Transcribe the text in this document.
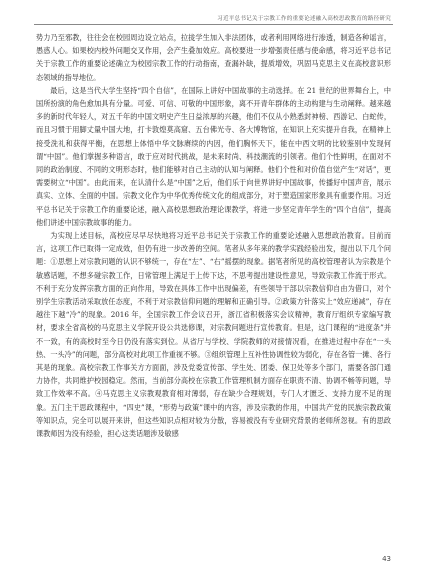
习近平总书记关于宗教工作的重要论述融入高校思政教育的路径研究

势力乃至邪教，往往会在校园周边设立站点，拉拢学生加入非法团体，或者利用网络进行渗透，制造各种谣言，愚惑人心。如果校内校外问题交叉作用，会产生叠加效应。高校要进一步增强责任感与使命感，将习近平总书记关于宗教工作的重要论述确立为校园宗教工作的行动指南，查漏补缺，提质增效，巩固马克思主义在高校意识形态领域的指导地位。

最后，这是当代大学生坚持“四个自信”，在国际上讲好中国故事的主动选择。在 21 世纪的世界舞台上，中国所扮演的角色愈加具有分量。可爱、可信、可敬的中国形象，离不开青年群体的主动构建与生动阐释。越来越多的新时代年轻人，对五千年的中国文明史产生日益浓厚的兴趣，他们不仅从小熟悉封神榜、西游记、白蛇传，而且习惯于用脚丈量中国大地，打卡敦煌莫高窟、五台佛光寺、各大博物馆，在知识上充实提升自我，在精神上接受洗礼和获得平衡，在思想上体悟中华文脉赓续的内因，他们胸怀天下，能在中西文明的比较鉴别中发现何谓“中国”。他们掌握多种语言，敢于应对时代挑战，是未来时尚、科技潮流的引领者。他们个性鲜明，在面对不同的政治制度、不同的文明形态时，他们能够对自己主动的认知与阐释。他们个性和对价值自觉产生“对话”，更需要树立“中国”。由此而来，在认清什么是“中国”之后，他们乐于向世界讲好中国故事，传播好中国声音，展示真实、立体、全面的中国。宗教文化作为中华优秀传统文化的组成部分，对于塑造国家形象具有重要作用。习近平总书记关于宗教工作的重要论述，融入高校思想政治理论课教学，将进一步坚定青年学生的“四个自信”，提高他们讲述中国宗教故事的能力。

为实现上述目标，高校应尽早尽快地将习近平总书记关于宗教工作的重要论述融入思想政治教育。目前而言，这项工作已取得一定成效，但仍有进一步改善的空间。笔者从多年来的教学实践经验出发，提出以下几个问题：①思想上对宗教问题的认识不够统一，存在“左”、“右”摇摆的现象。据笔者所见的高校管理者认为宗教是个敏感话题，不想多碰宗教工作，日常管理上满足于上传下达，不思考提出建设性意见，导致宗教工作流于形式。不利于充分发挥宗教方面的正向作用，导致在具体工作中出现偏差，有些领导干部以宗教信仰自由为借口，对个别学生宗教活动采取放任态度，不利于对宗教信仰问题的理解和正确引导。②政策方针落实上“效应递减”，存在越往下越“冷”的现象。2016 年，全国宗教工作会议召开，浙江省积极落实会议精神，教育厅组织专家编写教材，要求全省高校的马克思主义学院开设公共选修课，对宗教问题进行宣传教育。但是，这门课程的“进度条”并不一致，有的高校时至今日仍没有落实到位。从省厅与学校、学院教师的对接情况看，在推进过程中存在“一头热、一头冷”的问题，部分高校对此项工作重视不够。③组织管理上互补性协调性较为弱化，存在各管一摊、各行其是的现象。高校宗教工作事关方方面面，涉及党委宣传部、学生处、团委、保卫处等多个部门，需要各部门通力协作，共同维护校园稳定。然而，当前部分高校在宗教工作管理机制方面存在职责不清、协调不畅等问题，导致工作效率不高。④马克思主义宗教观教育相对薄弱，存在缺少合理规划，专门人才匮乏、支持力度不足的现象。五门主干思政课程中，“四史”课，“形势与政策”课中的内容，涉及宗教的作用，中国共产党的民族宗教政策等知识点，完全可以展开来讲，但这些知识点相对较为分散，容易被没有专业研究背景的老师所忽视。有的思政课教师因为没有经验，担心这类话题涉及敏感

43
